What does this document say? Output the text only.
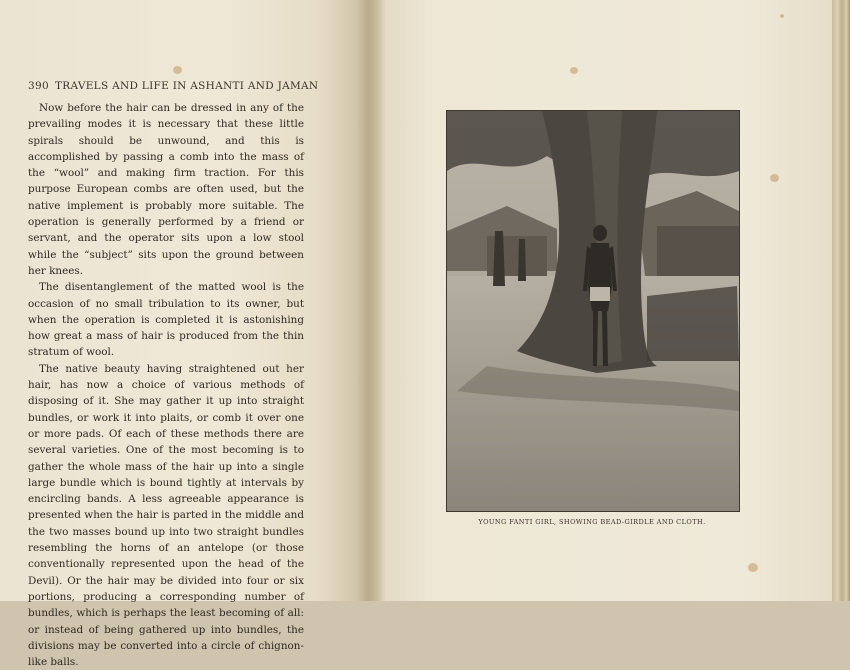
390 TRAVELS AND LIFE IN ASHANTI AND JAMAN

Now before the hair can be dressed in any of the prevailing modes it is necessary that these little spirals should be unwound, and this is accomplished by passing a comb into the mass of the “wool” and making firm traction. For this purpose European combs are often used, but the native implement is probably more suitable. The operation is generally performed by a friend or servant, and the operator sits upon a low stool while the “subject” sits upon the ground between her knees.

The disentanglement of the matted wool is the occasion of no small tribulation to its owner, but when the operation is completed it is astonishing how great a mass of hair is produced from the thin stratum of wool.

The native beauty having straightened out her hair, has now a choice of various methods of disposing of it. She may gather it up into straight bundles, or work it into plaits, or comb it over one or more pads. Of each of these methods there are several varieties. One of the most becoming is to gather the whole mass of the hair up into a single large bundle which is bound tightly at intervals by encircling bands. A less agreeable appearance is presented when the hair is parted in the middle and the two masses bound up into two straight bundles resembling the horns of an antelope (or those conventionally represented upon the head of the Devil). Or the hair may be divided into four or six portions, producing a corresponding number of bundles, which is perhaps the least becoming of all: or instead of being gathered up into bundles, the divisions may be converted into a circle of chignon-like balls.

YOUNG FANTI GIRL, SHOWING BEAD-GIRDLE AND CLOTH.
